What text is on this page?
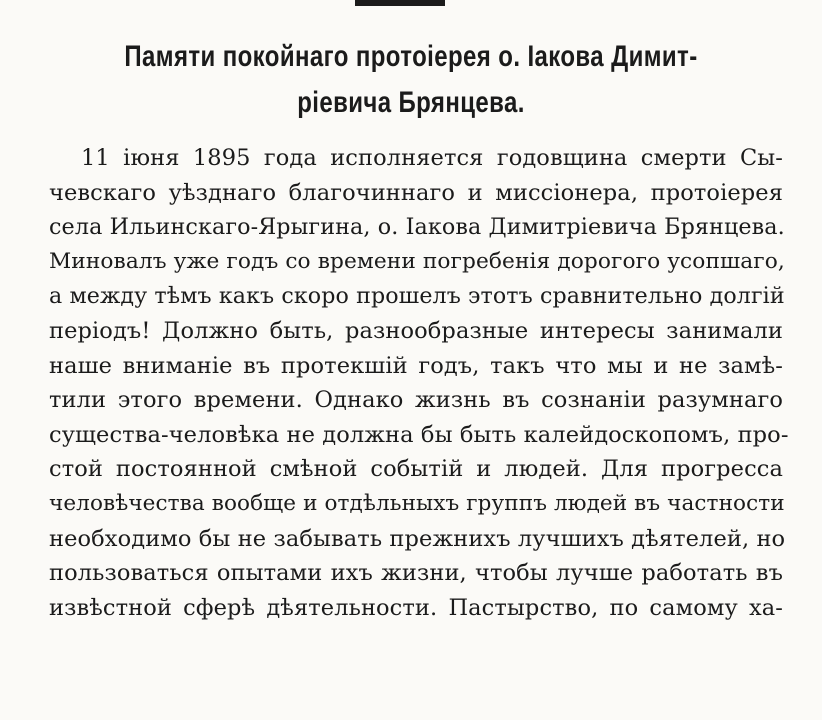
Памяти покойнаго протоіерея о. Іакова Димит-
ріевича Брянцева.
11 іюня 1895 года исполняется годовщина смерти Сы-
чевскаго уѣзднаго благочиннаго и миссіонера, протоіерея
села Ильинскаго-Ярыгина, о. Іакова Димитріевича Брянцева.
Миновалъ уже годъ со времени погребенія дорогого усопшаго,
а между тѣмъ какъ скоро прошелъ этотъ сравнительно долгій
періодъ! Должно быть, разнообразные интересы занимали
наше вниманіе въ протекшій годъ, такъ что мы и не замѣ-
тили этого времени. Однако жизнь въ сознаніи разумнаго
существа-человѣка не должна бы быть калейдоскопомъ, про-
стой постоянной смѣной событій и людей. Для прогресса
человѣчества вообще и отдѣльныхъ группъ людей въ частности
необходимо бы не забывать прежнихъ лучшихъ дѣятелей, но
пользоваться опытами ихъ жизни, чтобы лучше работать въ
извѣстной сферѣ дѣятельности. Пастырство, по самому ха-
